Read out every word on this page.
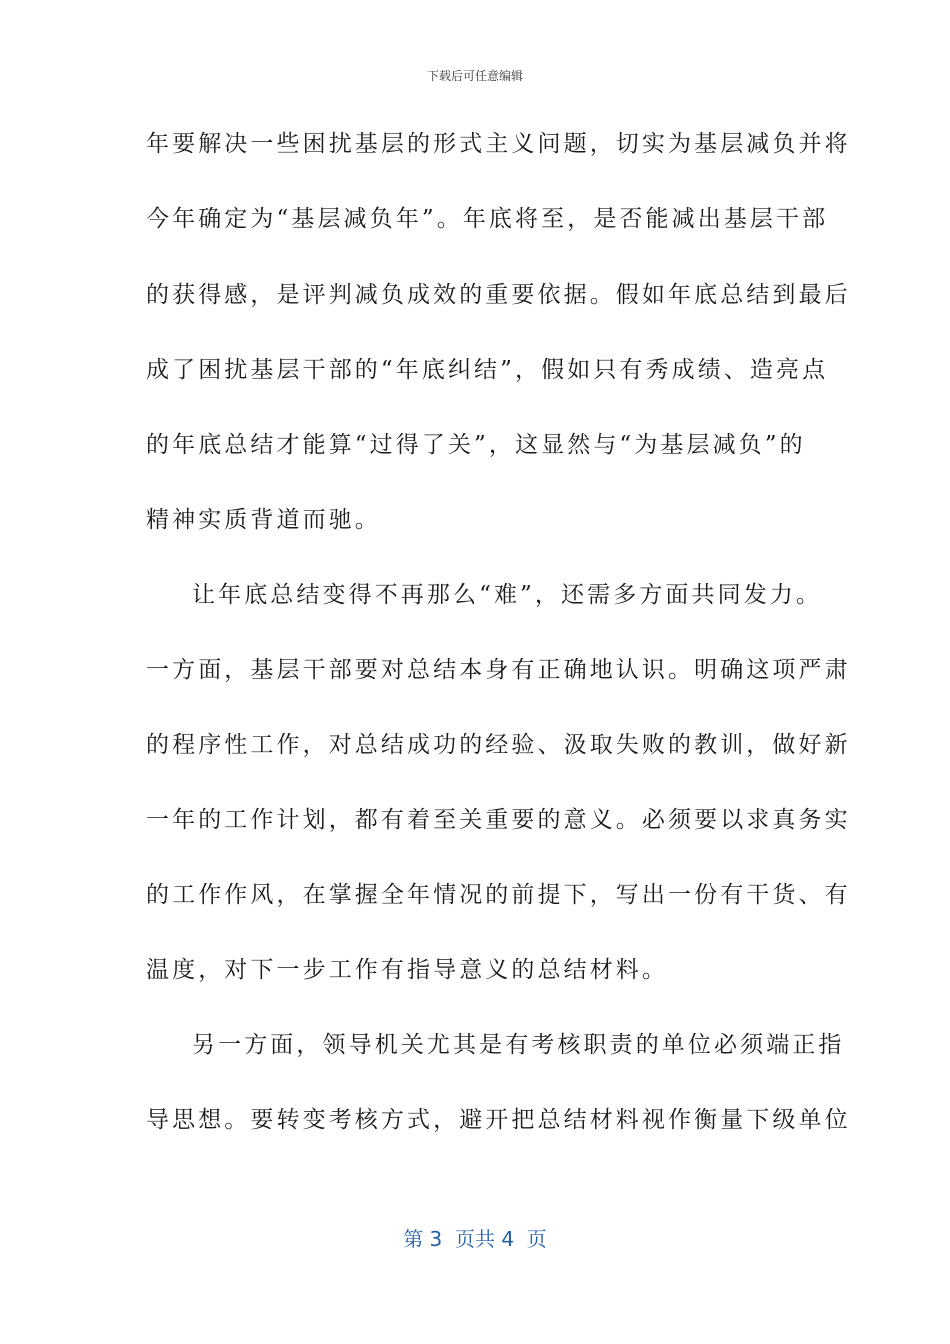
下载后可任意编辑
年要解决一些困扰基层的形式主义问题，切实为基层减负并将
今年确定为“基层减负年”。年底将至，是否能减出基层干部
的获得感，是评判减负成效的重要依据。假如年底总结到最后
成了困扰基层干部的“年底纠结”，假如只有秀成绩、造亮点
的年底总结才能算“过得了关”，这显然与“为基层减负”的
精神实质背道而驰。
让年底总结变得不再那么“难”，还需多方面共同发力。
一方面，基层干部要对总结本身有正确地认识。明确这项严肃
的程序性工作，对总结成功的经验、汲取失败的教训，做好新
一年的工作计划，都有着至关重要的意义。必须要以求真务实
的工作作风，在掌握全年情况的前提下，写出一份有干货、有
温度，对下一步工作有指导意义的总结材料。
另一方面，领导机关尤其是有考核职责的单位必须端正指
导思想。要转变考核方式，避开把总结材料视作衡量下级单位
第 3  页共 4  页
